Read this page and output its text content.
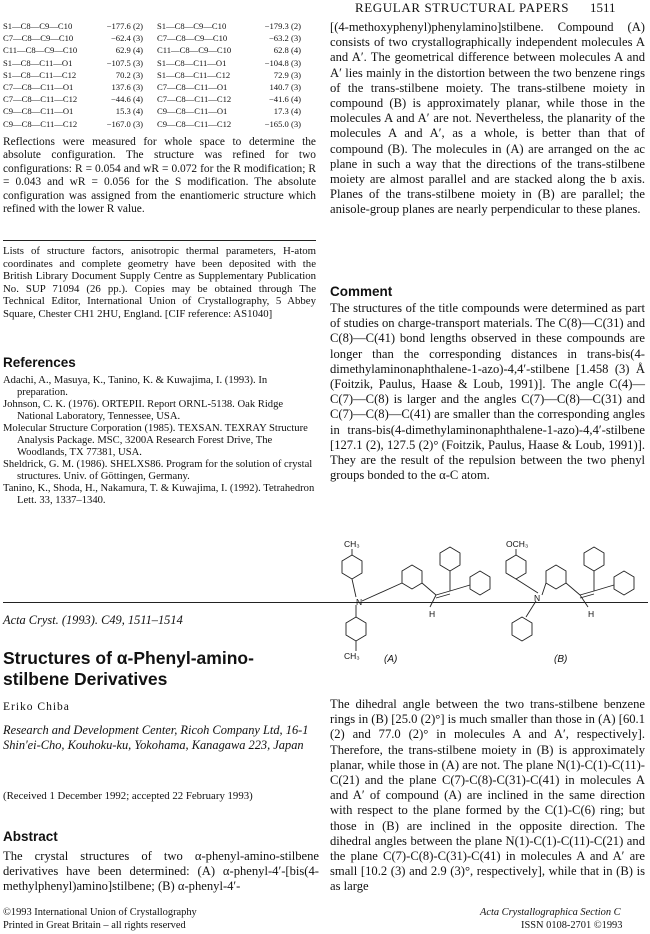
REGULAR STRUCTURAL PAPERS 1511
S1—C8—C9—C10	−177.6 (2)	S1—C8—C9—C10	−179.3 (2)
C7—C8—C9—C10	−62.4 (3)	C7—C8—C9—C10	−63.2 (3)
C11—C8—C9—C10	62.9 (4)	C11—C8—C9—C10	62.8 (4)
S1—C8—C11—O1	−107.5 (3)	S1—C8—C11—O1	−104.8 (3)
S1—C8—C11—C12	70.2 (3)	S1—C8—C11—C12	72.9 (3)
C7—C8—C11—O1	137.6 (3)	C7—C8—C11—O1	140.7 (3)
C7—C8—C11—C12	−44.6 (4)	C7—C8—C11—C12	−41.6 (4)
C9—C8—C11—O1	15.3 (4)	C9—C8—C11—O1	17.3 (4)
C9—C8—C11—C12	−167.0 (3)	C9—C8—C11—C12	−165.0 (3)
Reflections were measured for whole space to determine the absolute configuration. The structure was refined for two configurations: R = 0.054 and wR = 0.072 for the R modification; R = 0.043 and wR = 0.056 for the S modification. The absolute configuration was assigned from the enantiomeric structure which refined with the lower R value.
Lists of structure factors, anisotropic thermal parameters, H-atom coordinates and complete geometry have been deposited with the British Library Document Supply Centre as Supplementary Publication No. SUP 71094 (26 pp.). Copies may be obtained through The Technical Editor, International Union of Crystallography, 5 Abbey Square, Chester CH1 2HU, England. [CIF reference: AS1040]
References
Adachi, A., Masuya, K., Tanino, K. & Kuwajima, I. (1993). In preparation.
Johnson, C. K. (1976). ORTEPII. Report ORNL-5138. Oak Ridge National Laboratory, Tennessee, USA.
Molecular Structure Corporation (1985). TEXSAN. TEXRAY Structure Analysis Package. MSC, 3200A Research Forest Drive, The Woodlands, TX 77381, USA.
Sheldrick, G. M. (1986). SHELXS86. Program for the solution of crystal structures. Univ. of Göttingen, Germany.
Tanino, K., Shoda, H., Nakamura, T. & Kuwajima, I. (1992). Tetrahedron Lett. 33, 1337–1340.
Acta Cryst. (1993). C49, 1511–1514
Structures of α-Phenyl-amino-stilbene Derivatives
Eriko Chiba
Research and Development Center, Ricoh Company Ltd, 16-1 Shin'ei-Cho, Kouhoku-ku, Yokohama, Kanagawa 223, Japan
(Received 1 December 1992; accepted 22 February 1993)
Abstract
The crystal structures of two α-phenyl-amino-stilbene derivatives have been determined: (A) α-phenyl-4′-[bis(4-methylphenyl)amino]stilbene; (B) α-phenyl-4′-
[(4-methoxyphenyl)phenylamino]stilbene. Compound (A) consists of two crystallographically independent molecules A and A′. The geometrical difference between molecules A and A′ lies mainly in the distortion between the two benzene rings of the trans-stilbene moiety. The trans-stilbene moiety in compound (B) is approximately planar, while those in the molecules A and A′ are not. Nevertheless, the planarity of the molecules A and A′, as a whole, is better than that of compound (B). The molecules in (A) are arranged on the ac plane in such a way that the directions of the trans-stilbene moiety are almost parallel and are stacked along the b axis. Planes of the trans-stilbene moiety in (B) are parallel; the anisole-group planes are nearly perpendicular to these planes.
Comment
The structures of the title compounds were determined as part of studies on charge-transport materials. The C(8)—C(31) and C(8)—C(41) bond lengths observed in these compounds are longer than the corresponding distances in trans-bis(4-dimethylaminonaphthalene-1-azo)-4,4′-stilbene [1.458 (3) Å (Foitzik, Paulus, Haase & Loub, 1991)]. The angle C(4)—C(7)—C(8) is larger and the angles C(7)—C(8)—C(31) and C(7)—C(8)—C(41) are smaller than the corresponding angles in trans-bis(4-dimethylaminonaphthalene-1-azo)-4,4′-stilbene [127.1 (2), 127.5 (2)° (Foitzik, Paulus, Haase & Loub, 1991)]. They are the result of the repulsion between the two phenyl groups bonded to the α-C atom.
CH₃
N
CH₃
H
(A)
OCH₃
N
H
(B)
The dihedral angle between the two trans-stilbene benzene rings in (B) [25.0 (2)°] is much smaller than those in (A) [60.1 (2) and 77.0 (2)° in molecules A and A′, respectively]. Therefore, the trans-stilbene moiety in (B) is approximately planar, while those in (A) are not. The plane N(1)-C(1)-C(11)-C(21) and the plane C(7)-C(8)-C(31)-C(41) in molecules A and A′ of compound (A) are inclined in the same direction with respect to the plane formed by the C(1)-C(6) ring; but those in (B) are inclined in the opposite direction. The dihedral angles between the plane N(1)-C(1)-C(11)-C(21) and the plane C(7)-C(8)-C(31)-C(41) in molecules A and A′ are small [10.2 (3) and 2.9 (3)°, respectively], while that in (B) is as large
©1993 International Union of Crystallography
Printed in Great Britain – all rights reserved
Acta Crystallographica Section C
ISSN 0108-2701 ©1993
